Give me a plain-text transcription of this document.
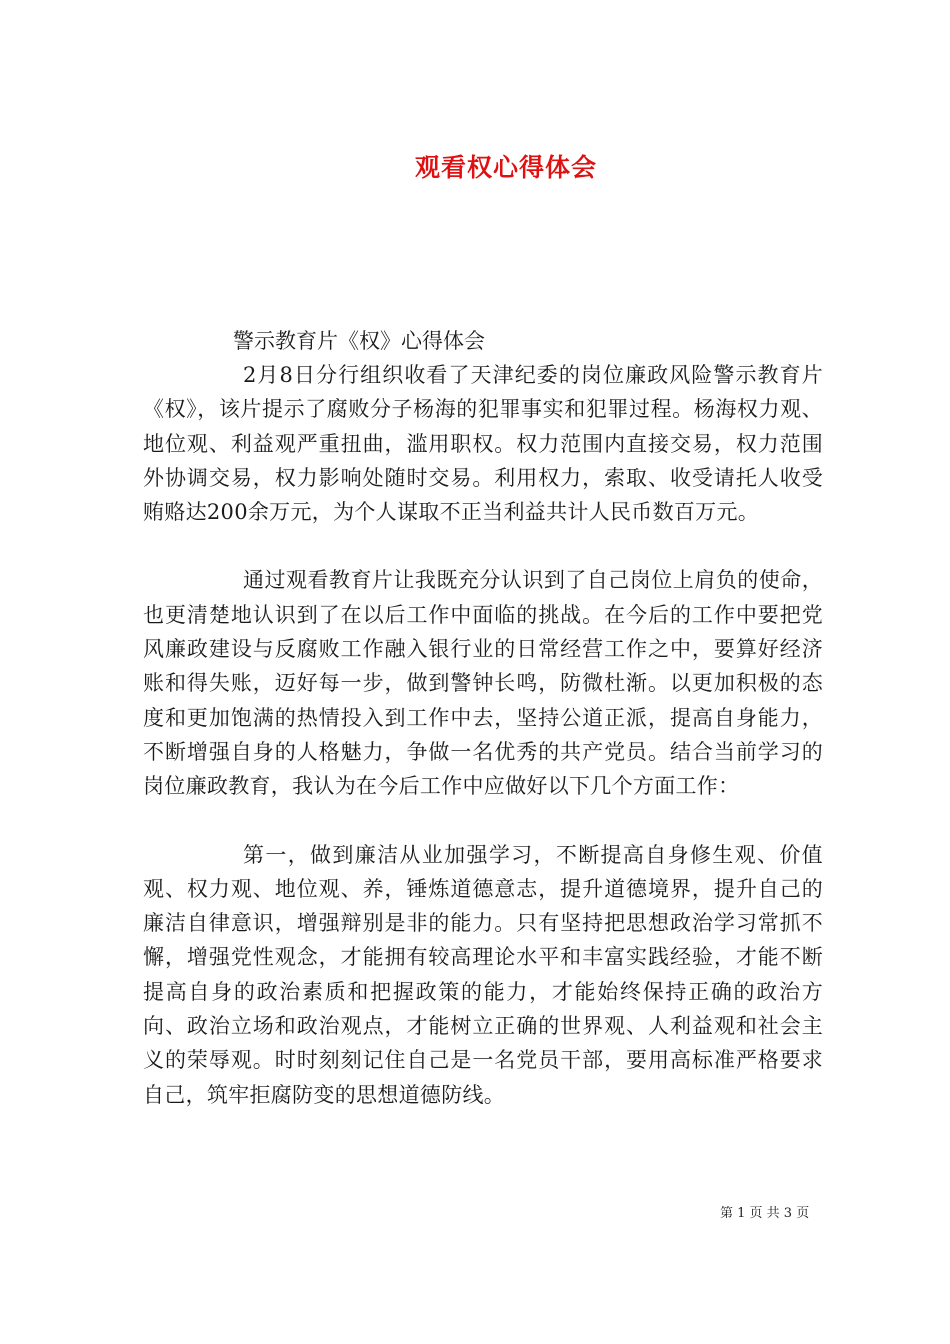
观看权心得体会

警示教育片《权》心得体会

2月8日分行组织收看了天津纪委的岗位廉政风险警示教育片《权》，该片提示了腐败分子杨海的犯罪事实和犯罪过程。杨海权力观、地位观、利益观严重扭曲，滥用职权。权力范围内直接交易，权力范围外协调交易，权力影响处随时交易。利用权力，索取、收受请托人收受贿赂达200余万元，为个人谋取不正当利益共计人民币数百万元。

通过观看教育片让我既充分认识到了自己岗位上肩负的使命，也更清楚地认识到了在以后工作中面临的挑战。在今后的工作中要把党风廉政建设与反腐败工作融入银行业的日常经营工作之中，要算好经济账和得失账，迈好每一步，做到警钟长鸣，防微杜渐。以更加积极的态度和更加饱满的热情投入到工作中去，坚持公道正派，提高自身能力，不断增强自身的人格魅力，争做一名优秀的共产党员。结合当前学习的岗位廉政教育，我认为在今后工作中应做好以下几个方面工作：

第一，做到廉洁从业加强学习，不断提高自身修生观、价值观、权力观、地位观、养，锤炼道德意志，提升道德境界，提升自己的廉洁自律意识，增强辩别是非的能力。只有坚持把思想政治学习常抓不懈，增强党性观念，才能拥有较高理论水平和丰富实践经验，才能不断提高自身的政治素质和把握政策的能力，才能始终保持正确的政治方向、政治立场和政治观点，才能树立正确的世界观、人利益观和社会主义的荣辱观。时时刻刻记住自己是一名党员干部，要用高标准严格要求自己，筑牢拒腐防变的思想道德防线。

第 1 页 共 3 页
